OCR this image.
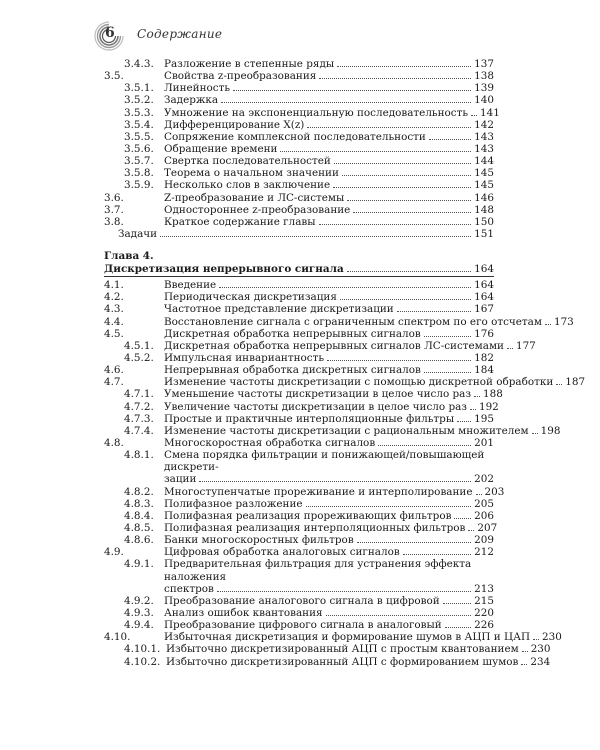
6 Содержание
3.4.3. Разложение в степенные ряды	137
3.5.	Свойства z-преобразования	138
3.5.1. Линейность	139
3.5.2. Задержка	140
3.5.3. Умножение на экспоненциальную последовательность 141
3.5.4. Дифференцирование X(z)	142
3.5.5. Сопряжение комплексной последовательности	143
3.5.6. Обращение времени	143
3.5.7. Свертка последовательностей	144
3.5.8. Теорема о начальном значении	145
3.5.9. Несколько слов в заключение	145
3.6.	Z-преобразование и ЛС-системы	146
3.7.	Одностороннее z-преобразование	148
3.8.	Краткое содержание главы	150
Задачи	151
Глава 4.
Дискретизация непрерывного сигнала	164
4.1.	Введение	164
4.2.	Периодическая дискретизация	164
4.3.	Частотное представление дискретизации	167
4.4.	Восстановление сигнала с ограниченным спектром по его отсчетам 173
4.5.	Дискретная обработка непрерывных сигналов	176
4.5.1. Дискретная обработка непрерывных сигналов ЛС-системами 177
4.5.2. Импульсная инвариантность	182
4.6.	Непрерывная обработка дискретных сигналов	184
4.7.	Изменение частоты дискретизации с помощью дискретной обработки 187
4.7.1. Уменьшение частоты дискретизации в целое число раз 188
4.7.2. Увеличение частоты дискретизации в целое число раз 192
4.7.3. Простые и практичные интерполяционные фильтры 195
4.7.4. Изменение частоты дискретизации с рациональным множителем 198
4.8.	Многоскоростная обработка сигналов	201
4.8.1. Смена порядка фильтрации и понижающей/повышающей дискрети-
зации	202
4.8.2. Многоступенчатые прореживание и интерполирование 203
4.8.3. Полифазное разложение	205
4.8.4. Полифазная реализация прореживающих фильтров 206
4.8.5. Полифазная реализация интерполяционных фильтров 207
4.8.6. Банки многоскоростных фильтров	209
4.9.	Цифровая обработка аналоговых сигналов	212
4.9.1. Предварительная фильтрация для устранения эффекта наложения
спектров	213
4.9.2. Преобразование аналогового сигнала в цифровой	215
4.9.3. Анализ ошибок квантования	220
4.9.4. Преобразование цифрового сигнала в аналоговый	226
4.10.	Избыточная дискретизация и формирование шумов в АЦП и ЦАП 230
4.10.1. Избыточно дискретизированный АЦП с простым квантованием 230
4.10.2. Избыточно дискретизированный АЦП с формированием шумов 234
